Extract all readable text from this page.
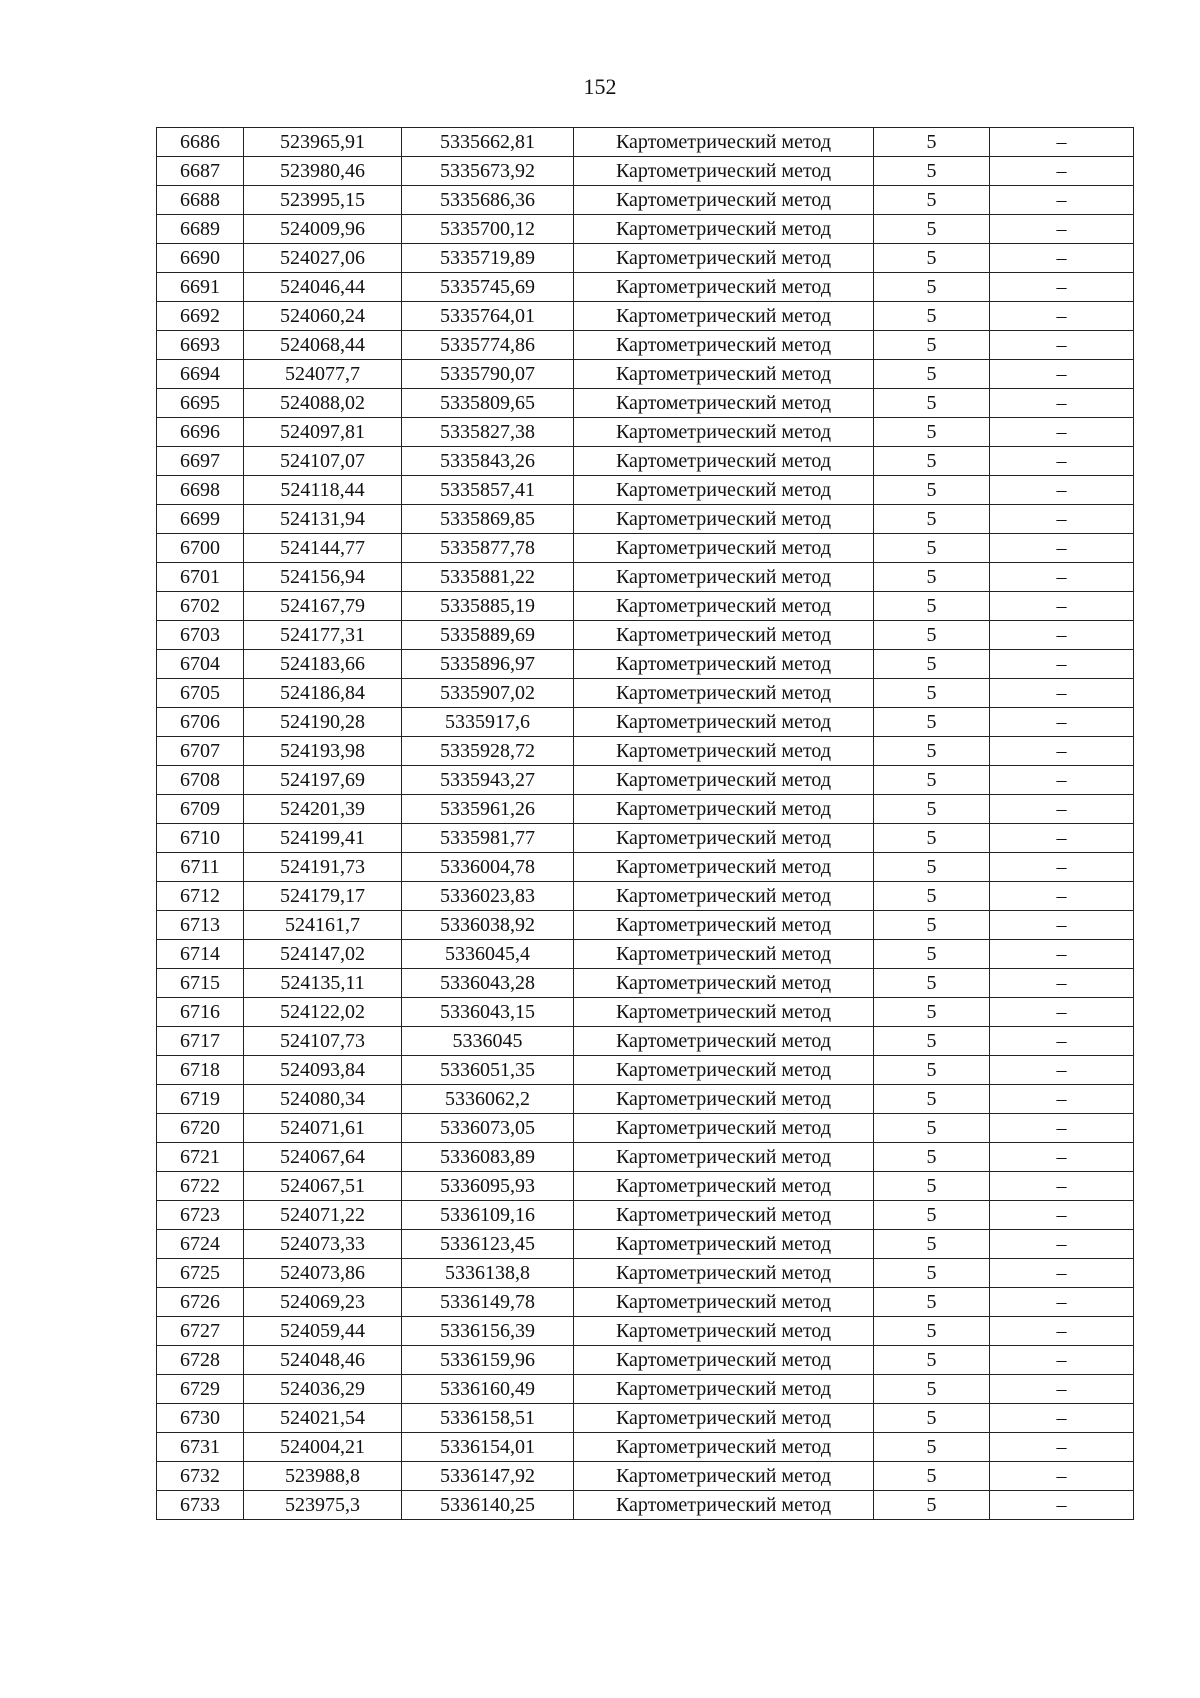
152
6686	523965,91	5335662,81	Картометрический метод	5	–
6687	523980,46	5335673,92	Картометрический метод	5	–
6688	523995,15	5335686,36	Картометрический метод	5	–
6689	524009,96	5335700,12	Картометрический метод	5	–
6690	524027,06	5335719,89	Картометрический метод	5	–
6691	524046,44	5335745,69	Картометрический метод	5	–
6692	524060,24	5335764,01	Картометрический метод	5	–
6693	524068,44	5335774,86	Картометрический метод	5	–
6694	524077,7	5335790,07	Картометрический метод	5	–
6695	524088,02	5335809,65	Картометрический метод	5	–
6696	524097,81	5335827,38	Картометрический метод	5	–
6697	524107,07	5335843,26	Картометрический метод	5	–
6698	524118,44	5335857,41	Картометрический метод	5	–
6699	524131,94	5335869,85	Картометрический метод	5	–
6700	524144,77	5335877,78	Картометрический метод	5	–
6701	524156,94	5335881,22	Картометрический метод	5	–
6702	524167,79	5335885,19	Картометрический метод	5	–
6703	524177,31	5335889,69	Картометрический метод	5	–
6704	524183,66	5335896,97	Картометрический метод	5	–
6705	524186,84	5335907,02	Картометрический метод	5	–
6706	524190,28	5335917,6	Картометрический метод	5	–
6707	524193,98	5335928,72	Картометрический метод	5	–
6708	524197,69	5335943,27	Картометрический метод	5	–
6709	524201,39	5335961,26	Картометрический метод	5	–
6710	524199,41	5335981,77	Картометрический метод	5	–
6711	524191,73	5336004,78	Картометрический метод	5	–
6712	524179,17	5336023,83	Картометрический метод	5	–
6713	524161,7	5336038,92	Картометрический метод	5	–
6714	524147,02	5336045,4	Картометрический метод	5	–
6715	524135,11	5336043,28	Картометрический метод	5	–
6716	524122,02	5336043,15	Картометрический метод	5	–
6717	524107,73	5336045	Картометрический метод	5	–
6718	524093,84	5336051,35	Картометрический метод	5	–
6719	524080,34	5336062,2	Картометрический метод	5	–
6720	524071,61	5336073,05	Картометрический метод	5	–
6721	524067,64	5336083,89	Картометрический метод	5	–
6722	524067,51	5336095,93	Картометрический метод	5	–
6723	524071,22	5336109,16	Картометрический метод	5	–
6724	524073,33	5336123,45	Картометрический метод	5	–
6725	524073,86	5336138,8	Картометрический метод	5	–
6726	524069,23	5336149,78	Картометрический метод	5	–
6727	524059,44	5336156,39	Картометрический метод	5	–
6728	524048,46	5336159,96	Картометрический метод	5	–
6729	524036,29	5336160,49	Картометрический метод	5	–
6730	524021,54	5336158,51	Картометрический метод	5	–
6731	524004,21	5336154,01	Картометрический метод	5	–
6732	523988,8	5336147,92	Картометрический метод	5	–
6733	523975,3	5336140,25	Картометрический метод	5	–
